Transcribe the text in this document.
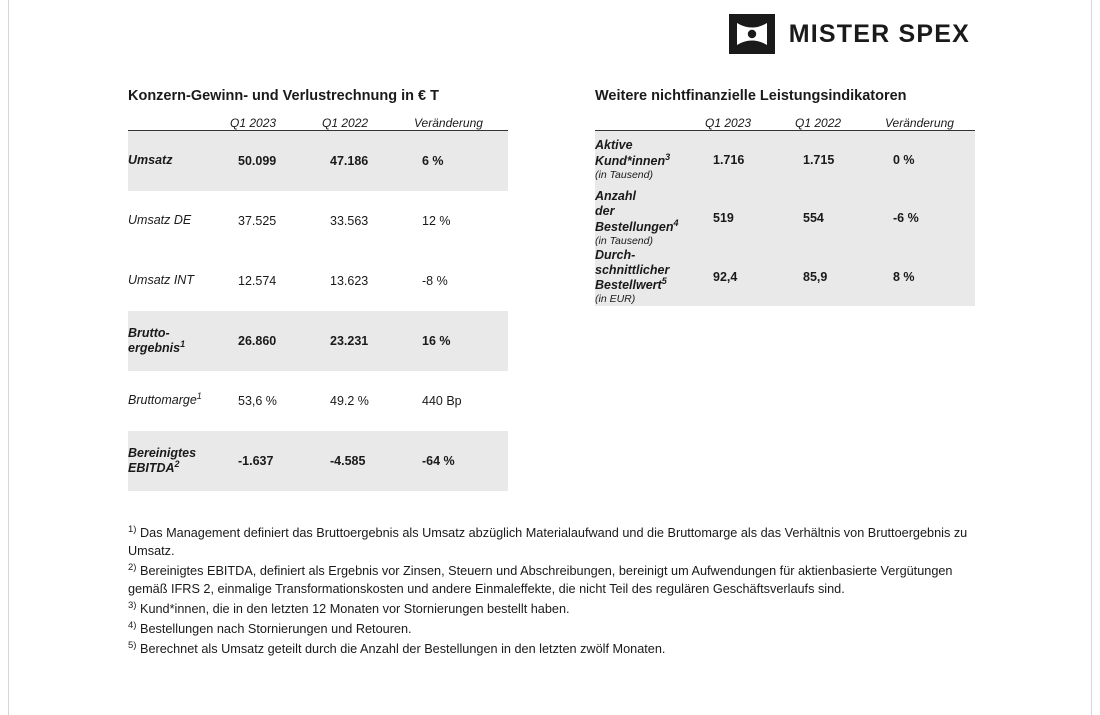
MISTER SPEX
Konzern-Gewinn- und Verlustrechnung in € T
	Q1 2023	Q1 2022	Veränderung
Umsatz	50.099	47.186	6 %
Umsatz DE	37.525	33.563	12 %
Umsatz INT	12.574	13.623	-8 %
Brutto-
ergebnis$^1$	26.860	23.231	16 %
Bruttomarge$^1$	53,6 %	49.2 %	440 Bp
Bereinigtes
EBITDA$^2$	-1.637	-4.585	-64 %
Weitere nichtfinanzielle Leistungsindikatoren
	Q1 2023	Q1 2022	Veränderung
Aktive
Kund*innen$^3$
(in Tausend)	1.716	1.715	0 %
Anzahl
der
Bestellungen$^4$
(in Tausend)	519	554	-6 %
Durch-schnittlicher
Bestellwert$^5$
(in EUR)	92,4	85,9	8 %

$^{1)}$ Das Management definiert das Bruttoergebnis als Umsatz abzüglich Materialaufwand und die Bruttomarge als das Verhältnis von Bruttoergebnis zu Umsatz.

$^{2)}$ Bereinigtes EBITDA, definiert als Ergebnis vor Zinsen, Steuern und Abschreibungen, bereinigt um Aufwendungen für aktienbasierte Vergütungen gemäß IFRS 2, einmalige Transformationskosten und andere Einmaleffekte, die nicht Teil des regulären Geschäftsverlaufs sind.

$^{3)}$ Kund*innen, die in den letzten 12 Monaten vor Stornierungen bestellt haben.

$^{4)}$ Bestellungen nach Stornierungen und Retouren.

$^{5)}$ Berechnet als Umsatz geteilt durch die Anzahl der Bestellungen in den letzten zwölf Monaten.
